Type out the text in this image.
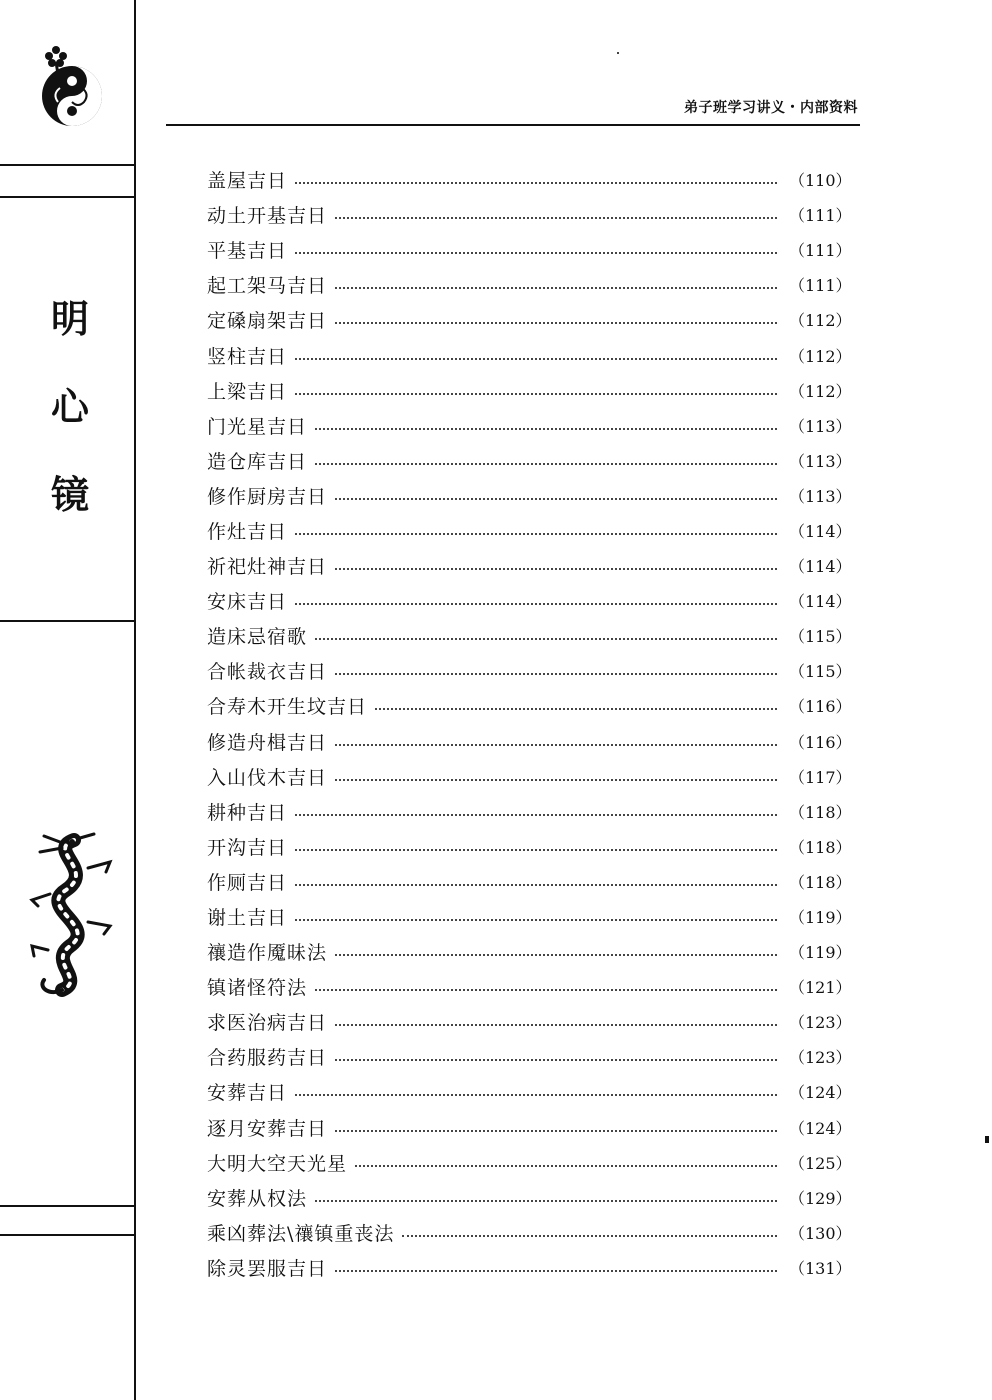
明
心
镜
弟子班学习讲义・内部资料
盖屋吉日	（110）
动土开基吉日	（111）
平基吉日	（111）
起工架马吉日	（111）
定磉扇架吉日	（112）
竖柱吉日	（112）
上梁吉日	（112）
门光星吉日	（113）
造仓库吉日	（113）
修作厨房吉日	（113）
作灶吉日	（114）
祈祀灶神吉日	（114）
安床吉日	（114）
造床忌宿歌	（115）
合帐裁衣吉日	（115）
合寿木开生坟吉日	（116）
修造舟楫吉日	（116）
入山伐木吉日	（117）
耕种吉日	（118）
开沟吉日	（118）
作厕吉日	（118）
谢土吉日	（119）
禳造作魇昧法	（119）
镇诸怪符法	（121）
求医治病吉日	（123）
合药服药吉日	（123）
安葬吉日	（124）
逐月安葬吉日	（124）
大明大空天光星	（125）
安葬从权法	（129）
乘凶葬法\禳镇重丧法	（130）
除灵罢服吉日	（131）
